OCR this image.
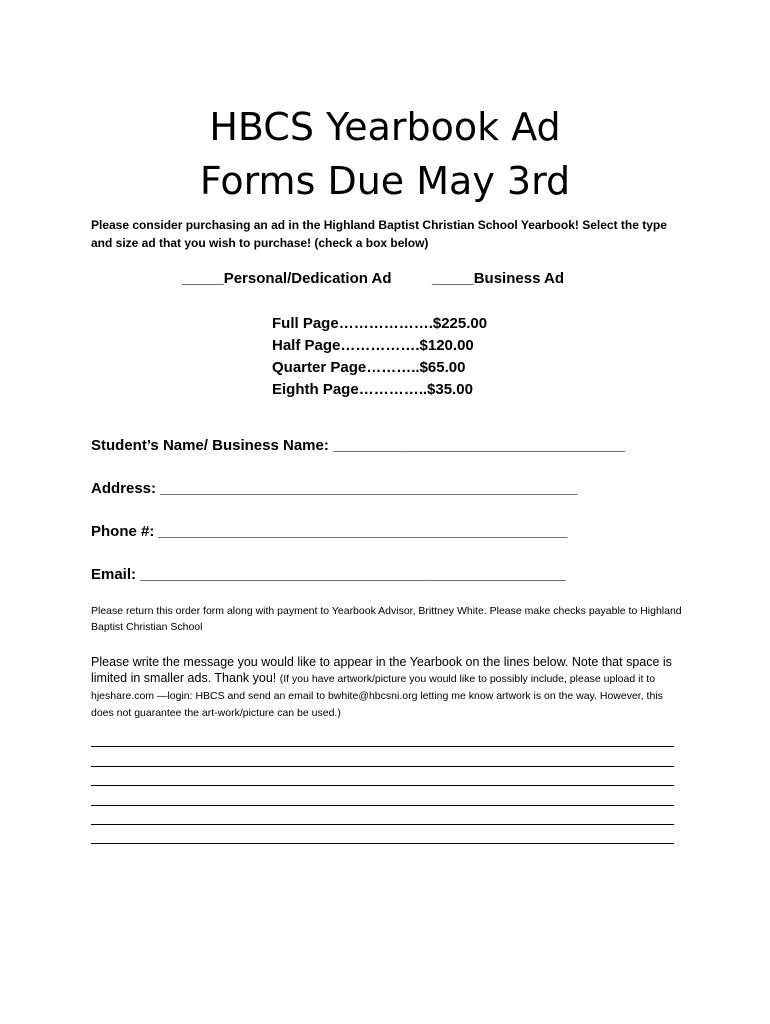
HBCS Yearbook Ad
Forms Due May 3rd
Please consider purchasing an ad in the Highland Baptist Christian School Yearbook! Select the type and size ad that you wish to purchase! (check a box below)
_____Personal/Dedication Ad	_____Business Ad
Full Page……………….$225.00
Half Page…………….$120.00
Quarter Page………..$65.00
Eighth Page…………..$35.00
Student’s Name/ Business Name: ___________________________________
Address: __________________________________________________
Phone #: _________________________________________________
Email: ___________________________________________________
Please return this order form along with payment to Yearbook Advisor, Brittney White. Please make checks payable to Highland Baptist Christian School
Please write the message you would like to appear in the Yearbook on the lines below. Note that space is limited in smaller ads. Thank you! (If you have artwork/picture you would like to possibly include, please upload it to hjeshare.com —login: HBCS and send an email to bwhite@hbcsni.org letting me know artwork is on the way. However, this does not guarantee the art-work/picture can be used.)
